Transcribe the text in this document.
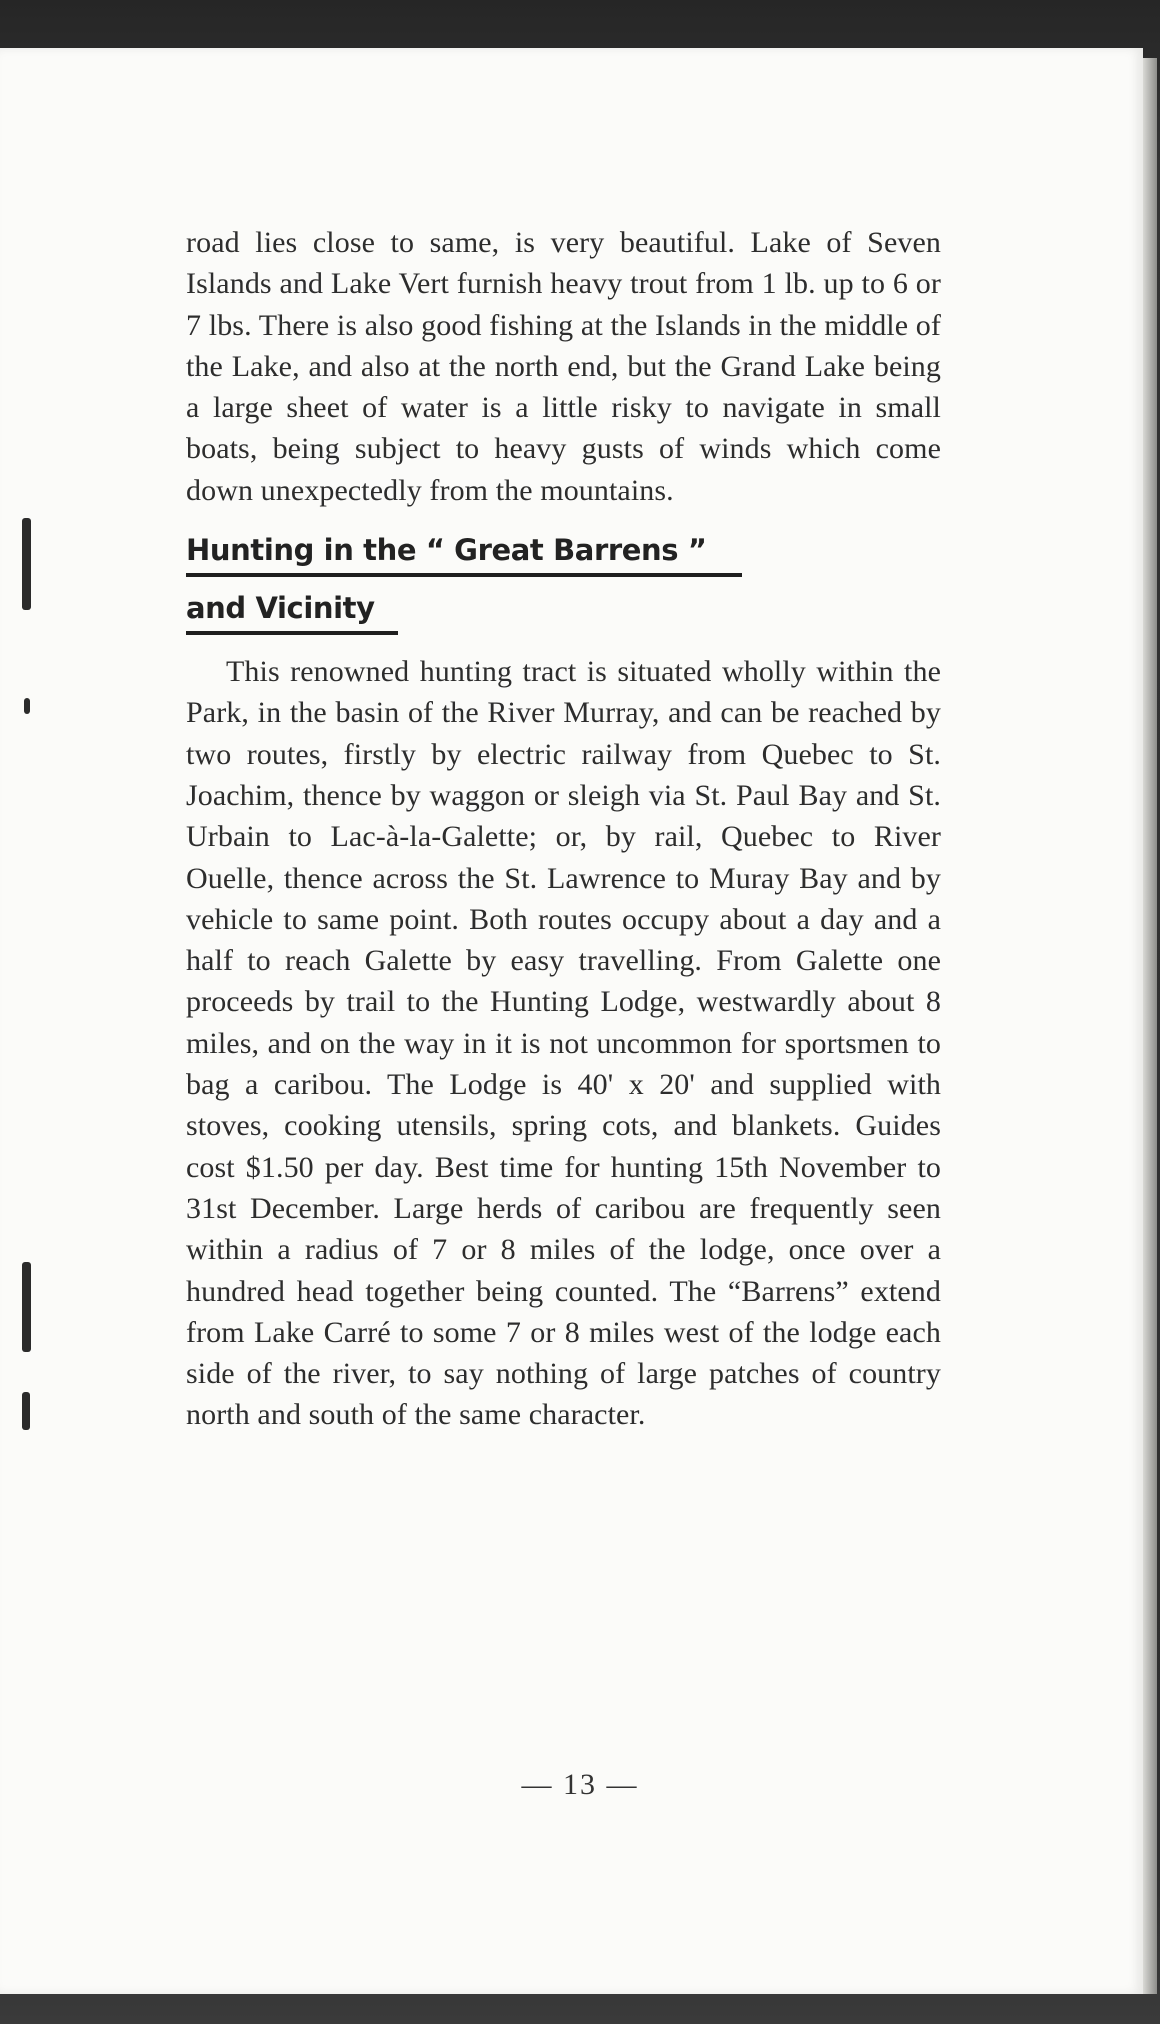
road lies close to same, is very beautiful. Lake of Seven Islands and Lake Vert furnish heavy trout from 1 lb. up to 6 or 7 lbs. There is also good fishing at the Islands in the middle of the Lake, and also at the north end, but the Grand Lake being a large sheet of water is a little risky to navigate in small boats, being subject to heavy gusts of winds which come down unexpectedly from the mountains.

Hunting in the “ Great Barrens ”
and Vicinity

This renowned hunting tract is situated wholly within the Park, in the basin of the River Murray, and can be reached by two routes, firstly by electric railway from Quebec to St. Joachim, thence by waggon or sleigh via St. Paul Bay and St. Urbain to Lac-à-la-Galette; or, by rail, Quebec to River Ouelle, thence across the St. Lawrence to Muray Bay and by vehicle to same point. Both routes occupy about a day and a half to reach Galette by easy travelling. From Galette one proceeds by trail to the Hunting Lodge, westwardly about 8 miles, and on the way in it is not uncommon for sportsmen to bag a caribou. The Lodge is 40' x 20' and supplied with stoves, cooking utensils, spring cots, and blankets. Guides cost $1.50 per day. Best time for hunting 15th November to 31st December. Large herds of caribou are frequently seen within a radius of 7 or 8 miles of the lodge, once over a hundred head together being counted. The “Barrens” extend from Lake Carré to some 7 or 8 miles west of the lodge each side of the river, to say nothing of large patches of country north and south of the same character.

— 13 —
